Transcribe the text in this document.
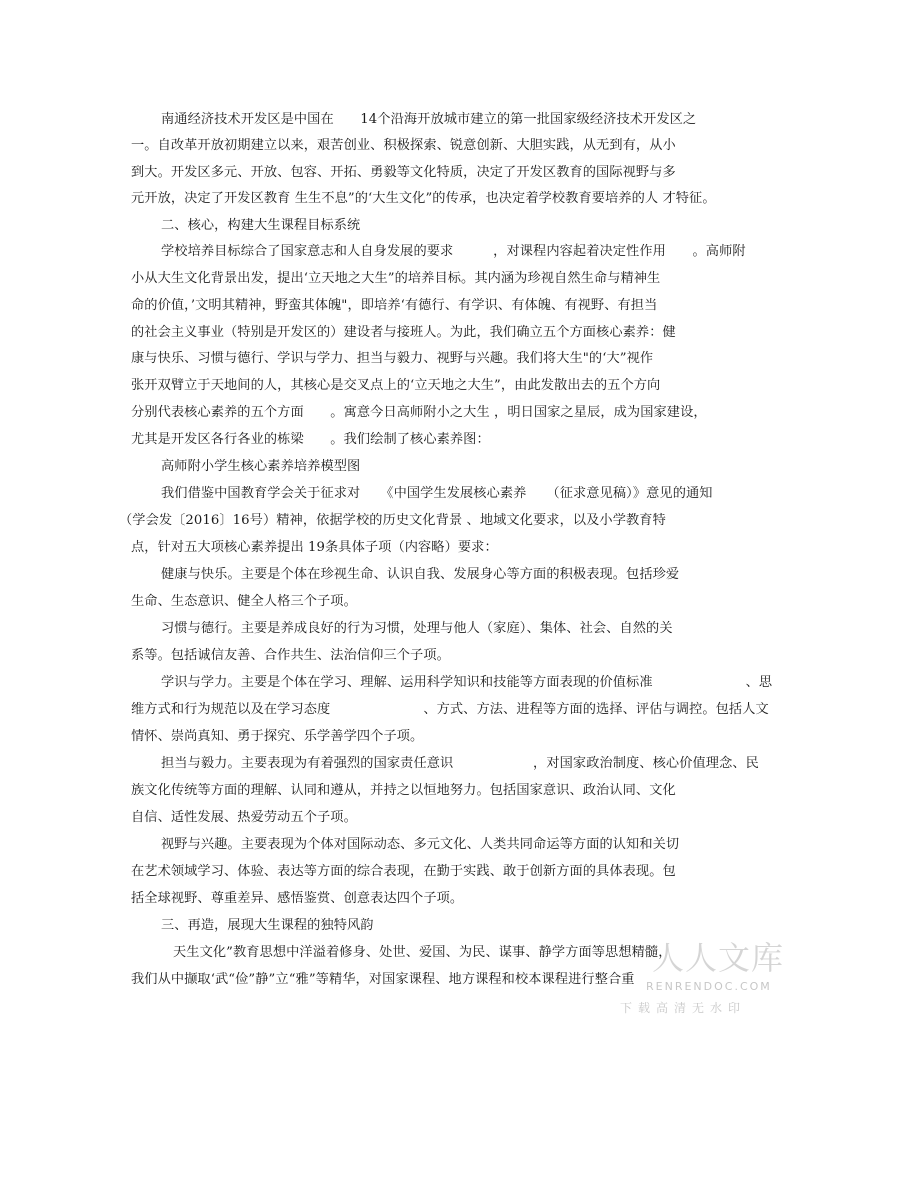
南通经济技术开发区是中国在　　14个沿海开放城市建立的第一批国家级经济技术开发区之
一。自改革开放初期建立以来，艰苦创业、积极探索、锐意创新、大胆实践，从无到有，从小
到大。开发区多元、开放、包容、开拓、勇毅等文化特质，决定了开发区教育的国际视野与多
元开放，决定了开发区教育 生生不息”的‘大生文化”的传承，也决定着学校教育要培养的人 才特征。
二、核心，构建大生课程目标系统
学校培养目标综合了国家意志和人自身发展的要求　　　，对课程内容起着决定性作用　　。高师附
小从大生文化背景出发，提出‘立天地之大生”的培养目标。其内涵为珍视自然生命与精神生
命的价值，’文明其精神，野蛮其体魄"，即培养‘有德行、有学识、有体魄、有视野、有担当
的社会主义事业（特别是开发区的）建设者与接班人。为此，我们确立五个方面核心素养：健
康与快乐、习惯与德行、学识与学力、担当与毅力、视野与兴趣。我们将大生"的‘大”视作
张开双臂立于天地间的人，其核心是交叉点上的‘立天地之大生”，由此发散出去的五个方向
分别代表核心素养的五个方面　　。寓意今日高师附小之大生 ，明日国家之星辰，成为国家建设，
尤其是开发区各行各业的栋梁　　。我们绘制了核心素养图：
高师附小学生核心素养培养模型图
我们借鉴中国教育学会关于征求对　　《中国学生发展核心素养　　（征求意见稿）》意见的通知
（学会发〔2016〕16号）精神，依据学校的历史文化背景 、地域文化要求，以及小学教育特
点，针对五大项核心素养提出 19条具体子项（内容略）要求：
健康与快乐。主要是个体在珍视生命、认识自我、发展身心等方面的积极表现。包括珍爱
生命、生态意识、健全人格三个子项。
习惯与德行。主要是养成良好的行为习惯，处理与他人（家庭）、集体、社会、自然的关
系等。包括诚信友善、合作共生、法治信仰三个子项。
学识与学力。主要是个体在学习、理解、运用科学知识和技能等方面表现的价值标准　　　　　　　、思
维方式和行为规范以及在学习态度　　　　　　　、方式、方法、进程等方面的选择、评估与调控。包括人文
情怀、崇尚真知、勇于探究、乐学善学四个子项。
担当与毅力。主要表现为有着强烈的国家责任意识　　　　　　，对国家政治制度、核心价值理念、民
族文化传统等方面的理解、认同和遵从，并持之以恒地努力。包括国家意识、政治认同、文化
自信、适性发展、热爱劳动五个子项。
视野与兴趣。主要表现为个体对国际动态、多元文化、人类共同命运等方面的认知和关切
在艺术领域学习、体验、表达等方面的综合表现，在勤于实践、敢于创新方面的具体表现。包
括全球视野、尊重差异、感悟鉴赏、创意表达四个子项。
三、再造，展现大生课程的独特风韵
天生文化”教育思想中洋溢着修身、处世、爱国、为民、谋事、静学方面等思想精髓，
我们从中撷取‘武“俭”静”立“雅”等精华，对国家课程、地方课程和校本课程进行整合重
人人文库
RENRENDOC.COM
下载高清无水印
